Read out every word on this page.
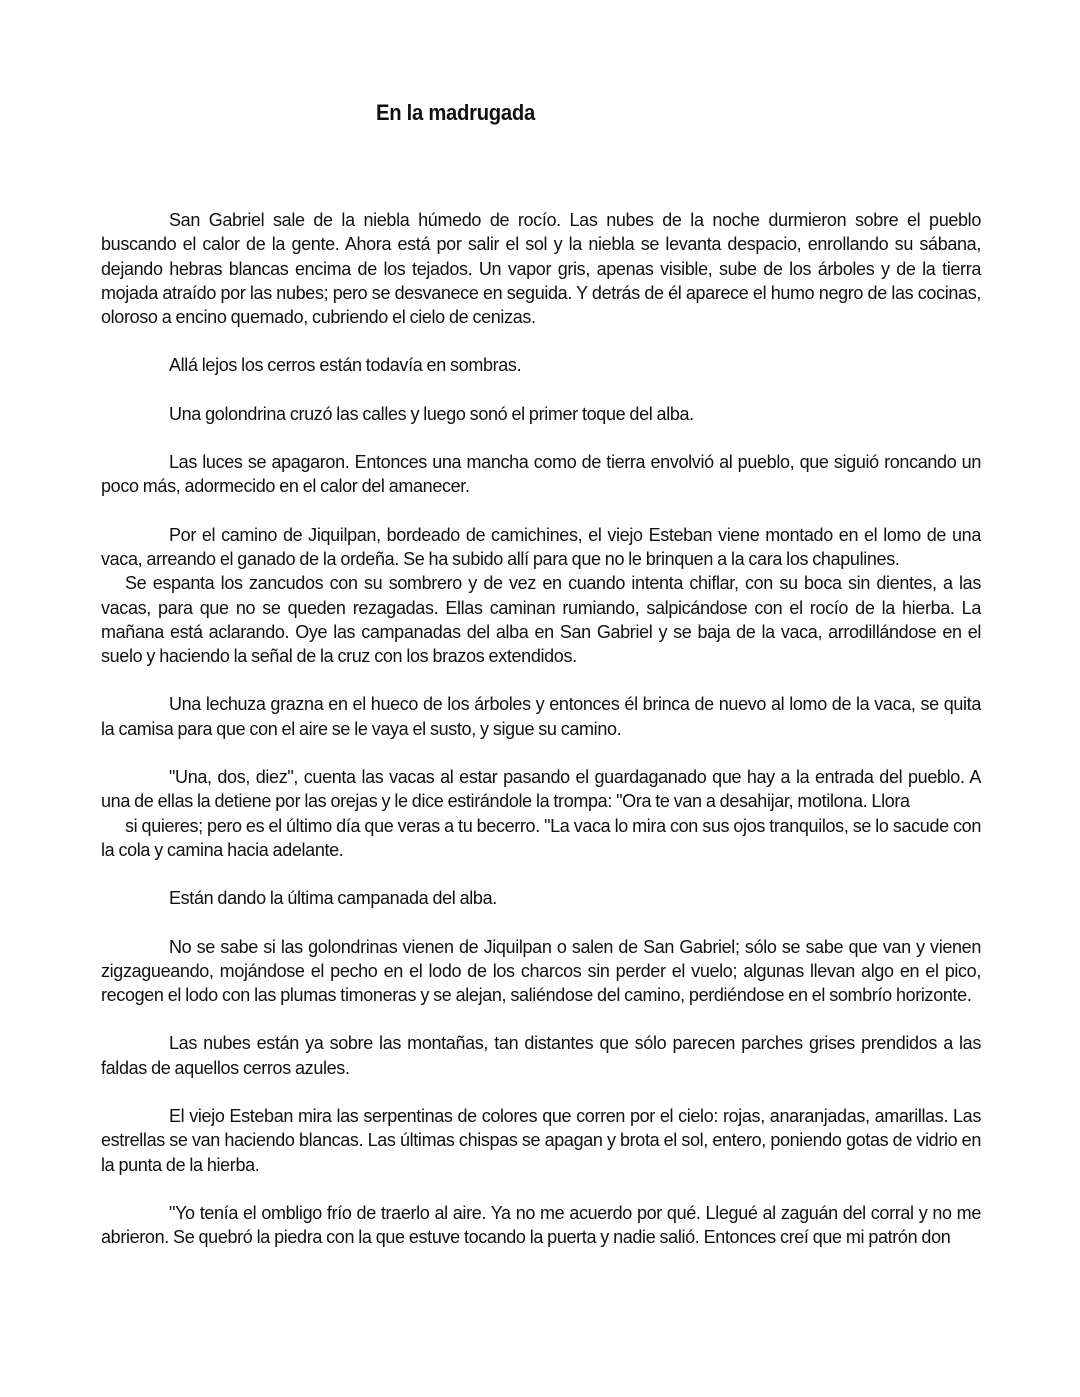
En la madrugada

San Gabriel sale de la niebla húmedo de rocío. Las nubes de la noche durmieron sobre el pueblo buscando el calor de la gente. Ahora está por salir el sol y la niebla se levanta despacio, enrollando su sábana, dejando hebras blancas encima de los tejados. Un vapor gris, apenas visible, sube de los árboles y de la tierra mojada atraído por las nubes; pero se desvanece en seguida. Y detrás de él aparece el humo negro de las cocinas, oloroso a encino quemado, cubriendo el cielo de cenizas.

Allá lejos los cerros están todavía en sombras.

Una golondrina cruzó las calles y luego sonó el primer toque del alba.

Las luces se apagaron. Entonces una mancha como de tierra envolvió al pueblo, que siguió roncando un poco más, adormecido en el calor del amanecer.

Por el camino de Jiquilpan, bordeado de camichines, el viejo Esteban viene montado en el lomo de una vaca, arreando el ganado de la ordeña. Se ha subido allí para que no le brinquen a la cara los chapulines.
Se espanta los zancudos con su sombrero y de vez en cuando intenta chiflar, con su boca sin dientes, a las vacas, para que no se queden rezagadas. Ellas caminan rumiando, salpicándose con el rocío de la hierba. La mañana está aclarando. Oye las campanadas del alba en San Gabriel y se baja de la vaca, arrodillándose en el suelo y haciendo la señal de la cruz con los brazos extendidos.

Una lechuza grazna en el hueco de los árboles y entonces él brinca de nuevo al lomo de la vaca, se quita la camisa para que con el aire se le vaya el susto, y sigue su camino.

"Una, dos, diez", cuenta las vacas al estar pasando el guardaganado que hay a la entrada del pueblo. A una de ellas la detiene por las orejas y le dice estirándole la trompa: "Ora te van a desahijar, motilona. Llora
si quieres; pero es el último día que veras a tu becerro. "La vaca lo mira con sus ojos tranquilos, se lo sacude con la cola y camina hacia adelante.

Están dando la última campanada del alba.

No se sabe si las golondrinas vienen de Jiquilpan o salen de San Gabriel; sólo se sabe que van y vienen zigzagueando, mojándose el pecho en el lodo de los charcos sin perder el vuelo; algunas llevan algo en el pico, recogen el lodo con las plumas timoneras y se alejan, saliéndose del camino, perdiéndose en el sombrío horizonte.

Las nubes están ya sobre las montañas, tan distantes que sólo parecen parches grises prendidos a las faldas de aquellos cerros azules.

El viejo Esteban mira las serpentinas de colores que corren por el cielo: rojas, anaranjadas, amarillas. Las estrellas se van haciendo blancas. Las últimas chispas se apagan y brota el sol, entero, poniendo gotas de vidrio en la punta de la hierba.

"Yo tenía el ombligo frío de traerlo al aire. Ya no me acuerdo por qué. Llegué al zaguán del corral y no me abrieron. Se quebró la piedra con la que estuve tocando la puerta y nadie salió. Entonces creí que mi patrón don
